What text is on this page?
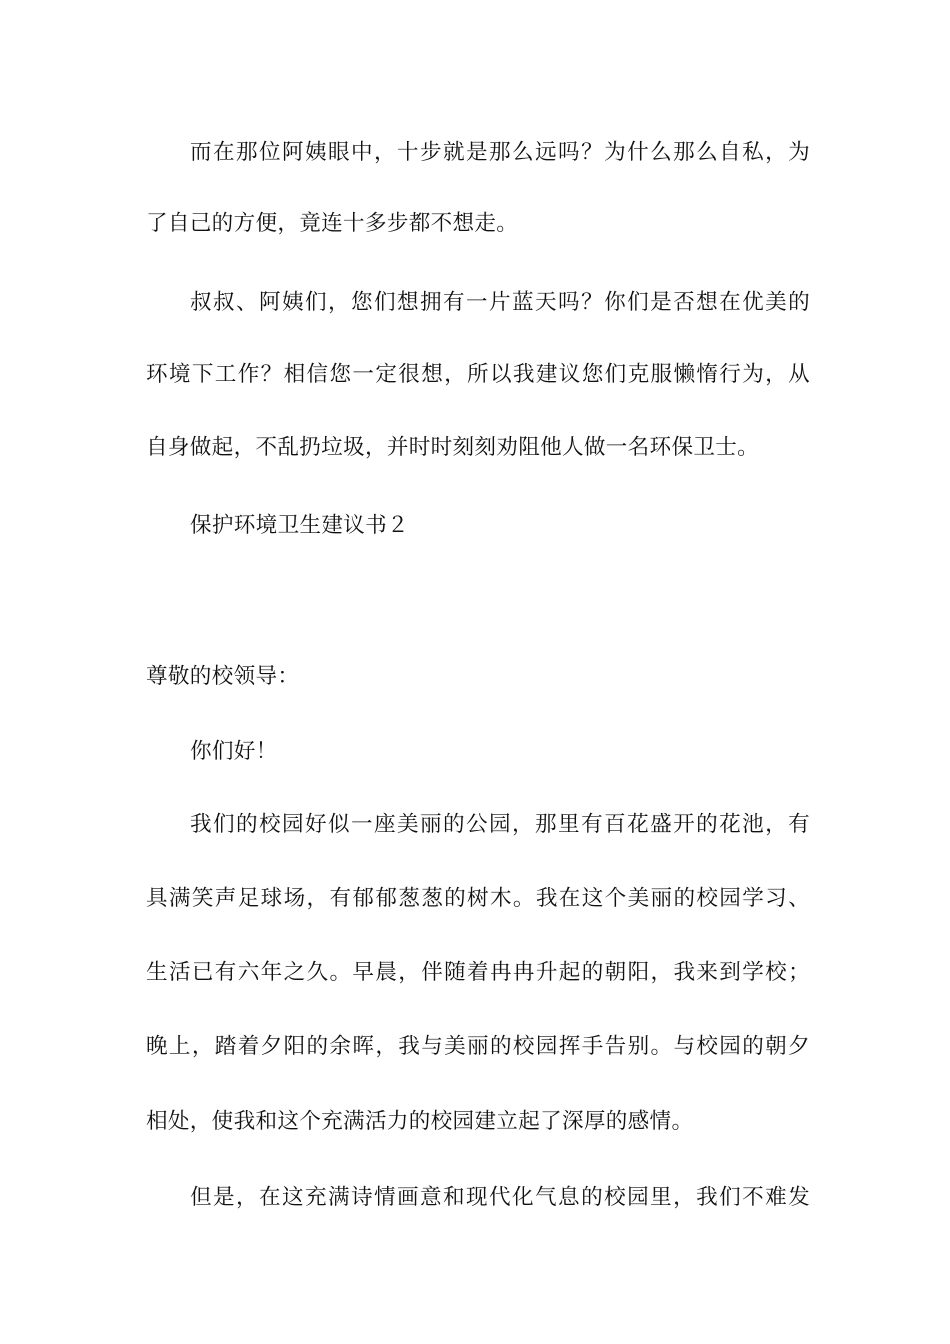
而在那位阿姨眼中，十步就是那么远吗？为什么那么自私，为
了自己的方便，竟连十多步都不想走。
叔叔、阿姨们，您们想拥有一片蓝天吗？你们是否想在优美的
环境下工作？相信您一定很想，所以我建议您们克服懒惰行为，从
自身做起，不乱扔垃圾，并时时刻刻劝阻他人做一名环保卫士。
保护环境卫生建议书２
尊敬的校领导：
你们好！
我们的校园好似一座美丽的公园，那里有百花盛开的花池，有
具满笑声足球场，有郁郁葱葱的树木。我在这个美丽的校园学习、
生活已有六年之久。早晨，伴随着冉冉升起的朝阳，我来到学校；
晚上，踏着夕阳的余晖，我与美丽的校园挥手告别。与校园的朝夕
相处，使我和这个充满活力的校园建立起了深厚的感情。
但是，在这充满诗情画意和现代化气息的校园里，我们不难发
